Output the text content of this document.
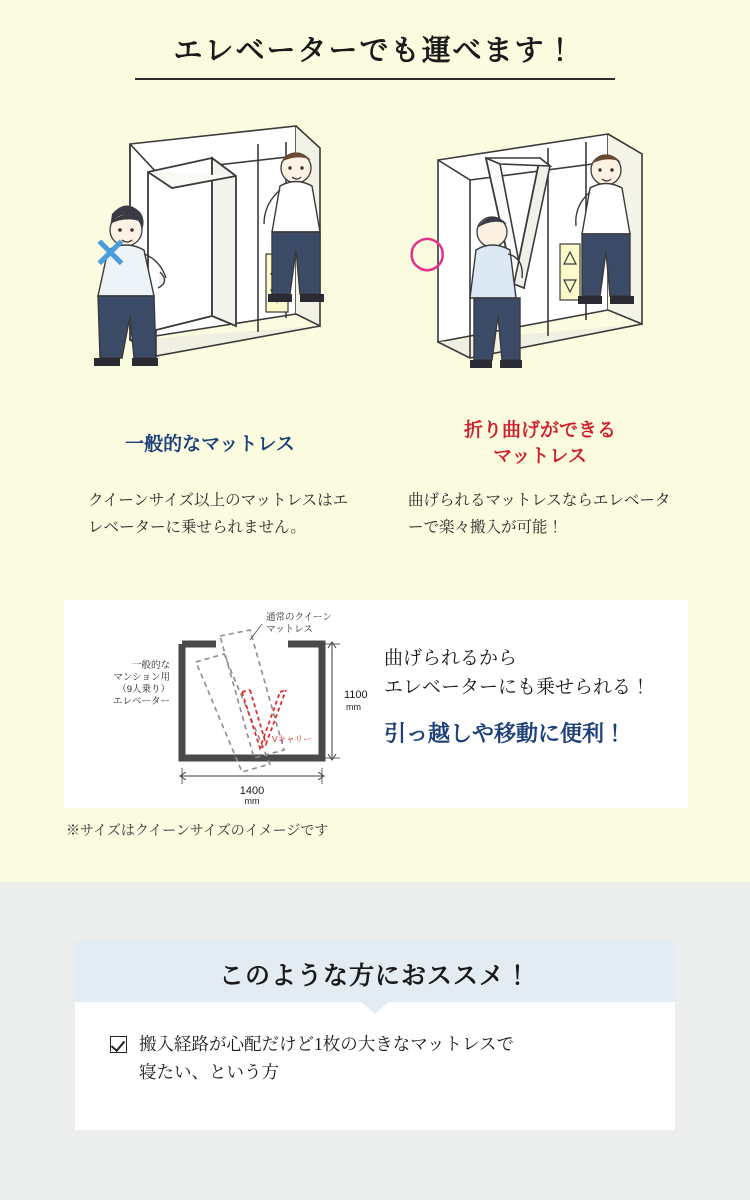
エレベーターでも運べます！
×	○
一般的なマットレス
折り曲げができる
マットレス
クイーンサイズ以上のマットレスはエレベーターに乗せられません。
曲げられるマットレスならエレベーターで楽々搬入が可能！
Vキャリー
通常のクイーン
マットレス
一般的な
マンション用
（9人乗り）
エレベーター
1100
mm
1400
mm
曲げられるから
エレベーターにも乗せられる！
引っ越しや移動に便利！
※サイズはクイーンサイズのイメージです
このような方におススメ！
搬入経路が心配だけど1枚の大きなマットレスで
寝たい、という方
